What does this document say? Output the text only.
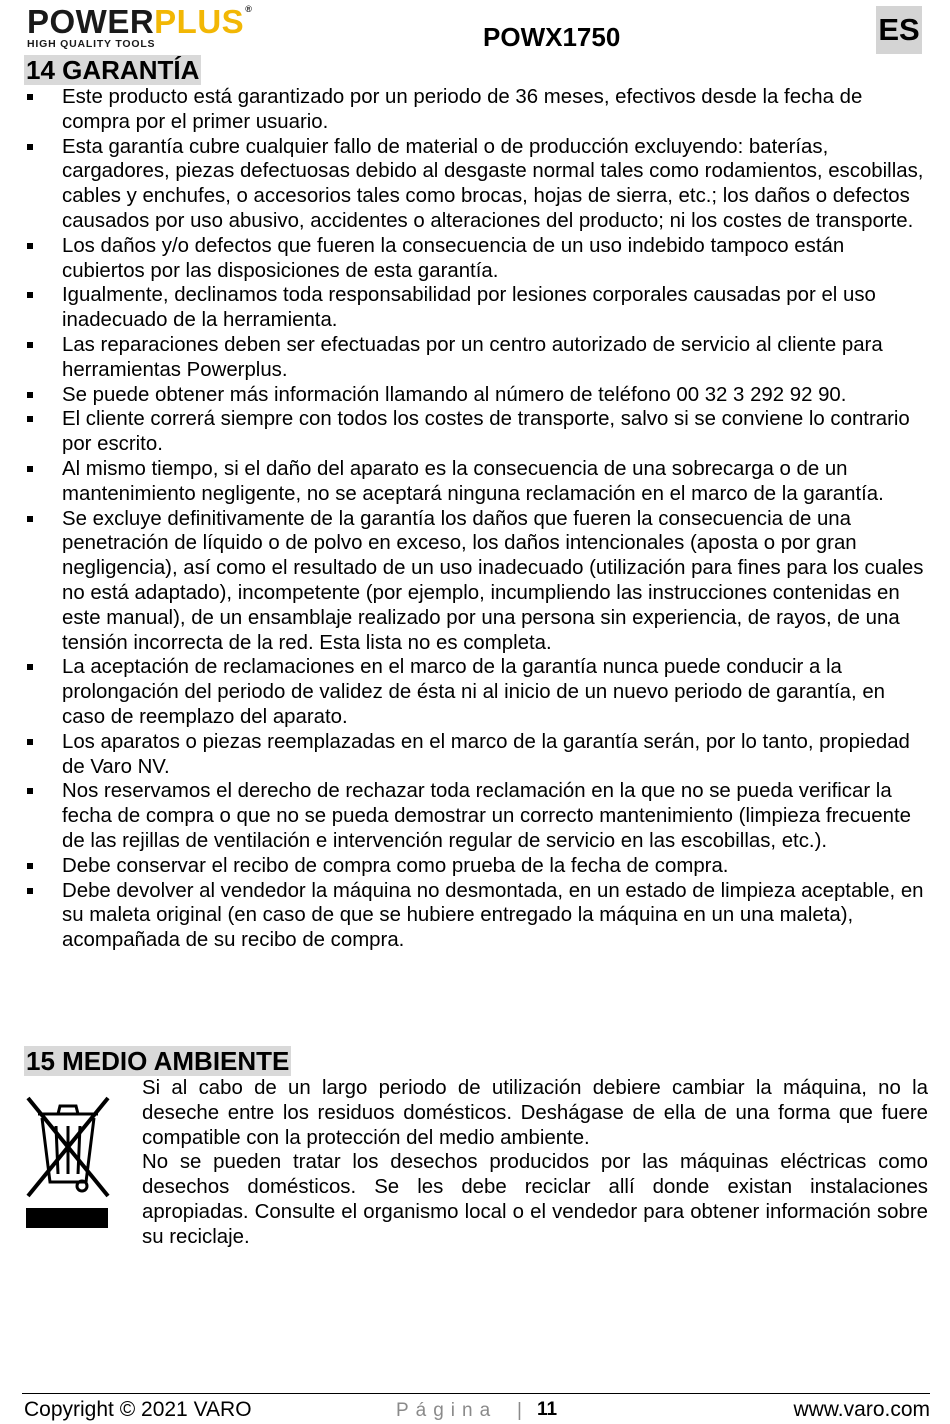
POWERPLUS®
HIGH QUALITY TOOLS	POWX1750	ES
14 GARANTÍA
Este producto está garantizado por un periodo de 36 meses, efectivos desde la fecha de compra por el primer usuario.
Esta garantía cubre cualquier fallo de material o de producción excluyendo: baterías, cargadores, piezas defectuosas debido al desgaste normal tales como rodamientos, escobillas, cables y enchufes, o accesorios tales como brocas, hojas de sierra, etc.; los daños o defectos causados por uso abusivo, accidentes o alteraciones del producto; ni los costes de transporte.
Los daños y/o defectos que fueren la consecuencia de un uso indebido tampoco están cubiertos por las disposiciones de esta garantía.
Igualmente, declinamos toda responsabilidad por lesiones corporales causadas por el uso inadecuado de la herramienta.
Las reparaciones deben ser efectuadas por un centro autorizado de servicio al cliente para herramientas Powerplus.
Se puede obtener más información llamando al número de teléfono 00 32 3 292 92 90.
El cliente correrá siempre con todos los costes de transporte, salvo si se conviene lo contrario por escrito.
Al mismo tiempo, si el daño del aparato es la consecuencia de una sobrecarga o de un mantenimiento negligente, no se aceptará ninguna reclamación en el marco de la garantía.
Se excluye definitivamente de la garantía los daños que fueren la consecuencia de una penetración de líquido o de polvo en exceso, los daños intencionales (aposta o por gran negligencia), así como el resultado de un uso inadecuado (utilización para fines para los cuales no está adaptado), incompetente (por ejemplo, incumpliendo las instrucciones contenidas en este manual), de un ensamblaje realizado por una persona sin experiencia, de rayos, de una tensión incorrecta de la red. Esta lista no es completa.
La aceptación de reclamaciones en el marco de la garantía nunca puede conducir a la prolongación del periodo de validez de ésta ni al inicio de un nuevo periodo de garantía, en caso de reemplazo del aparato.
Los aparatos o piezas reemplazadas en el marco de la garantía serán, por lo tanto, propiedad de Varo NV.
Nos reservamos el derecho de rechazar toda reclamación en la que no se pueda verificar la fecha de compra o que no se pueda demostrar un correcto mantenimiento (limpieza frecuente de las rejillas de ventilación e intervención regular de servicio en las escobillas, etc.).
Debe conservar el recibo de compra como prueba de la fecha de compra.
Debe devolver al vendedor la máquina no desmontada, en un estado de limpieza aceptable, en su maleta original (en caso de que se hubiere entregado la máquina en un una maleta), acompañada de su recibo de compra.
15 MEDIO AMBIENTE

Si al cabo de un largo periodo de utilización debiere cambiar la máquina, no la deseche entre los residuos domésticos. Deshágase de ella de una forma que fuere compatible con la protección del medio ambiente.

No se pueden tratar los desechos producidos por las máquinas eléctricas como desechos domésticos. Se les debe reciclar allí donde existan instalaciones apropiadas. Consulte el organismo local o el vendedor para obtener información sobre su reciclaje.

Copyright © 2021 VARO	Página | 11	www.varo.com
